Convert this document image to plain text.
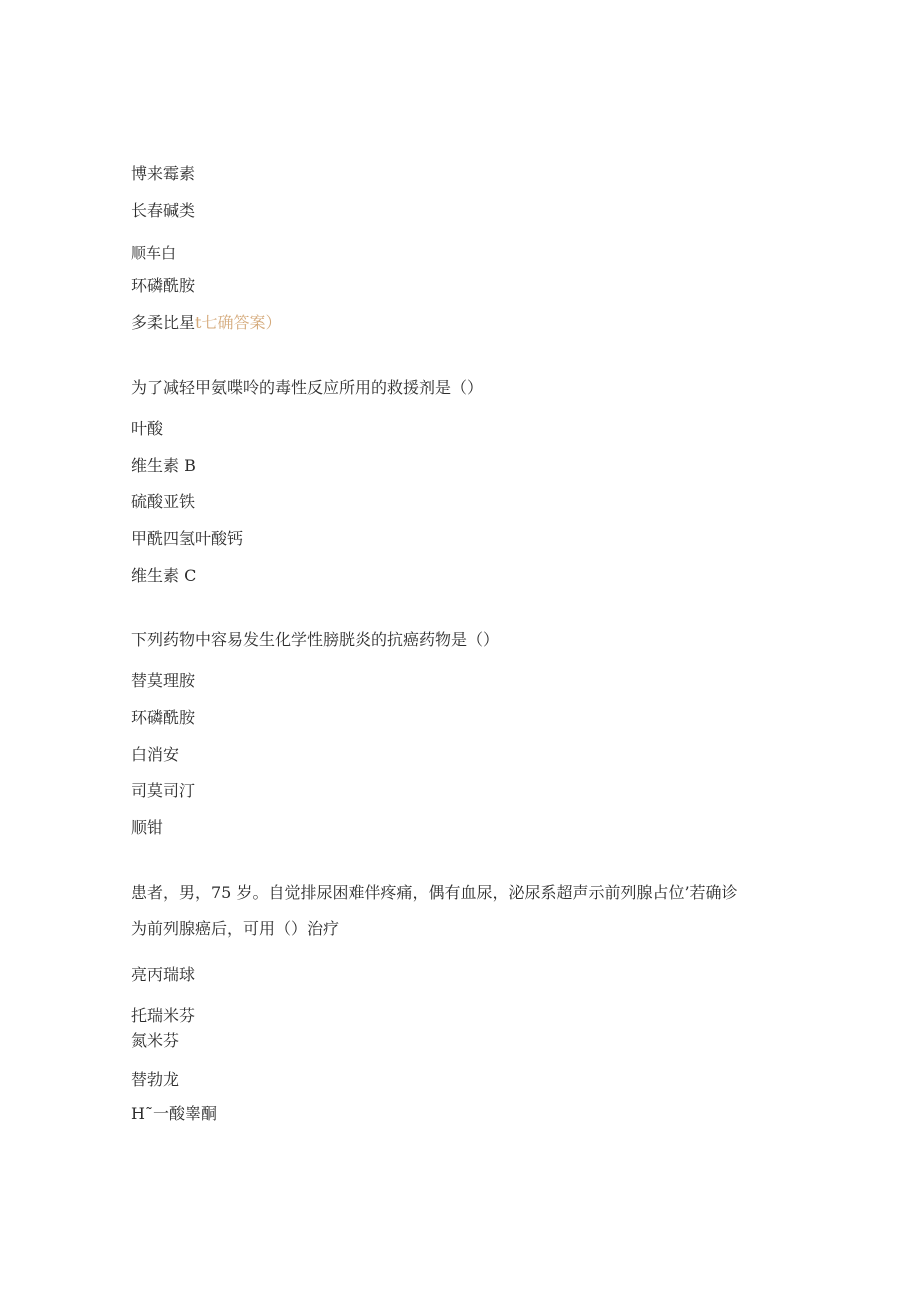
博来霉素
长春碱类
顺车白
环磷酰胺
多柔比星t七确答案）
为了减轻甲氨喋呤的毒性反应所用的救援剂是（）
叶酸
维生素 B
硫酸亚铁
甲酰四氢叶酸钙
维生素 C
下列药物中容易发生化学性膀胱炎的抗癌药物是（）
替莫理胺
环磷酰胺
白消安
司莫司汀
顺钳
患者，男，75 岁。自觉排尿困难伴疼痛，偶有血尿，泌尿系超声示前列腺占位’若确诊
为前列腺癌后，可用（）治疗
亮丙瑞球
托瑞米芬
氮米芬
替勃龙
H˜一酸睾酮
